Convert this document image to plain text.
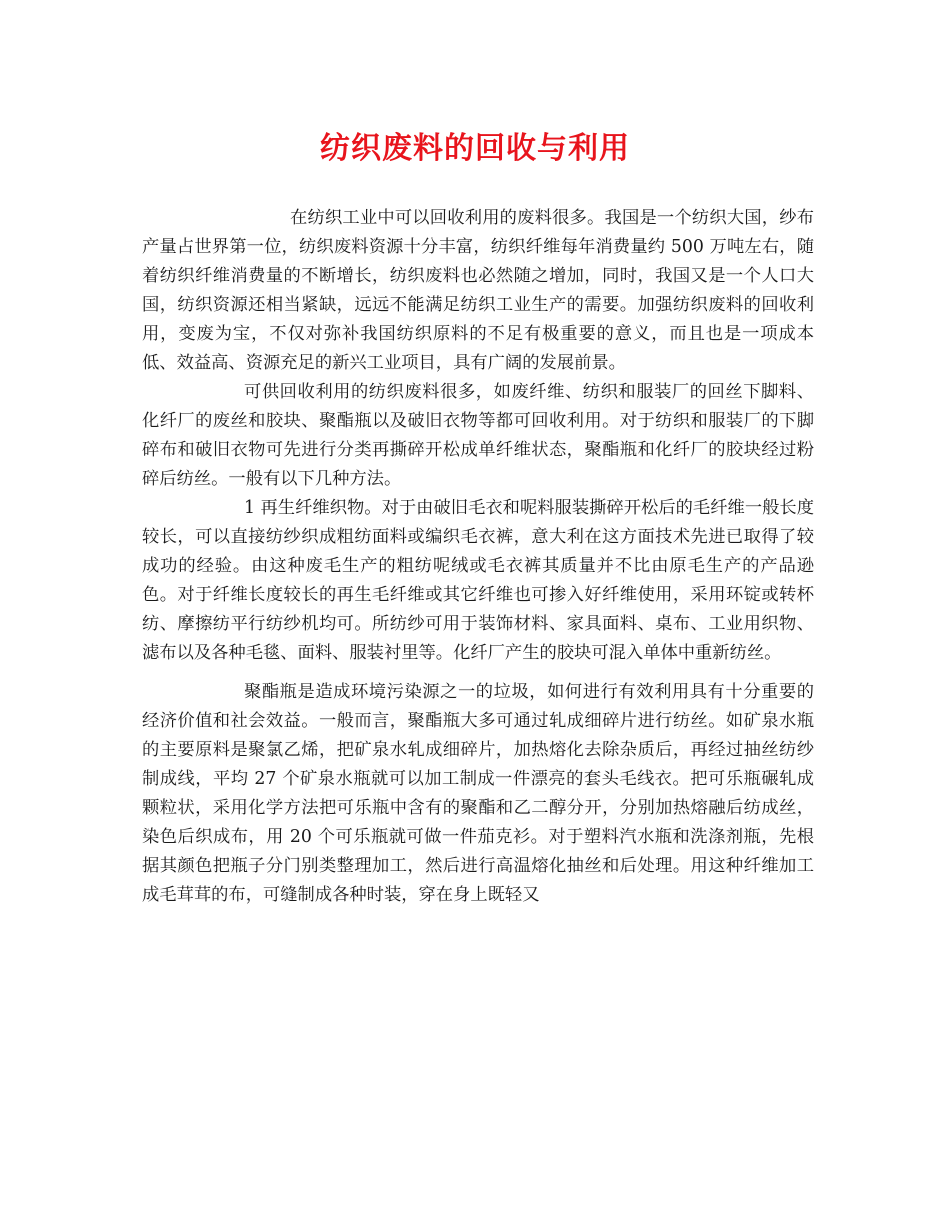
纺织废料的回收与利用

在纺织工业中可以回收利用的废料很多。我国是一个纺织大国，纱布产量占世界第一位，纺织废料资源十分丰富，纺织纤维每年消费量约 500 万吨左右，随着纺织纤维消费量的不断增长，纺织废料也必然随之增加，同时，我国又是一个人口大国，纺织资源还相当紧缺，远远不能满足纺织工业生产的需要。加强纺织废料的回收利用，变废为宝，不仅对弥补我国纺织原料的不足有极重要的意义，而且也是一项成本低、效益高、资源充足的新兴工业项目，具有广阔的发展前景。

可供回收利用的纺织废料很多，如废纤维、纺织和服装厂的回丝下脚料、化纤厂的废丝和胶块、聚酯瓶以及破旧衣物等都可回收利用。对于纺织和服装厂的下脚碎布和破旧衣物可先进行分类再撕碎开松成单纤维状态，聚酯瓶和化纤厂的胶块经过粉碎后纺丝。一般有以下几种方法。

1 再生纤维织物。对于由破旧毛衣和呢料服装撕碎开松后的毛纤维一般长度较长，可以直接纺纱织成粗纺面料或编织毛衣裤，意大利在这方面技术先进已取得了较成功的经验。由这种废毛生产的粗纺呢绒或毛衣裤其质量并不比由原毛生产的产品逊色。对于纤维长度较长的再生毛纤维或其它纤维也可掺入好纤维使用，采用环锭或转杯纺、摩擦纺平行纺纱机均可。所纺纱可用于装饰材料、家具面料、桌布、工业用织物、滤布以及各种毛毯、面料、服装衬里等。化纤厂产生的胶块可混入单体中重新纺丝。

聚酯瓶是造成环境污染源之一的垃圾，如何进行有效利用具有十分重要的经济价值和社会效益。一般而言，聚酯瓶大多可通过轧成细碎片进行纺丝。如矿泉水瓶的主要原料是聚氯乙烯，把矿泉水轧成细碎片，加热熔化去除杂质后，再经过抽丝纺纱制成线，平均 27 个矿泉水瓶就可以加工制成一件漂亮的套头毛线衣。把可乐瓶碾轧成颗粒状，采用化学方法把可乐瓶中含有的聚酯和乙二醇分开，分别加热熔融后纺成丝，染色后织成布，用 20 个可乐瓶就可做一件茄克衫。对于塑料汽水瓶和洗涤剂瓶，先根据其颜色把瓶子分门别类整理加工，然后进行高温熔化抽丝和后处理。用这种纤维加工成毛茸茸的布，可缝制成各种时装，穿在身上既轻又
